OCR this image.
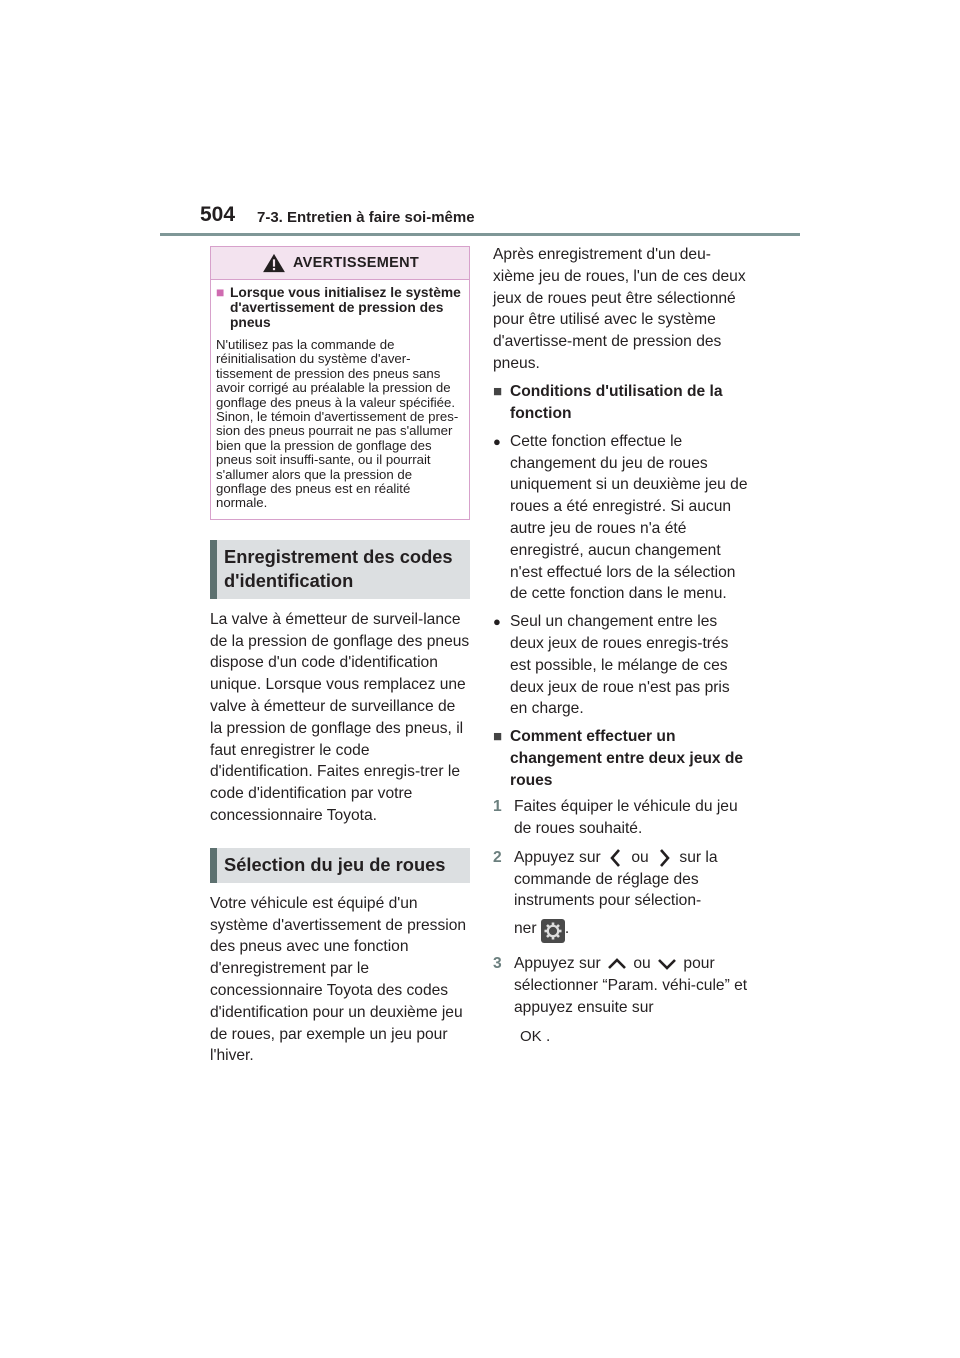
504 7-3. Entretien à faire soi-même
AVERTISSEMENT
■ Lorsque vous initialisez le système d'avertissement de pression des pneus
N'utilisez pas la commande de réinitialisation du système d'aver-tissement de pression des pneus sans avoir corrigé au préalable la pression de gonflage des pneus à la valeur spécifiée. Sinon, le témoin d'avertissement de pres-sion des pneus pourrait ne pas s'allumer bien que la pression de gonflage des pneus soit insuffi-sante, ou il pourrait s'allumer alors que la pression de gonflage des pneus est en réalité normale.
Enregistrement des codes d'identification
La valve à émetteur de surveil-lance de la pression de gonflage des pneus dispose d'un code d'identification unique. Lorsque vous remplacez une valve à émetteur de surveillance de la pression de gonflage des pneus, il faut enregistrer le code d'identification. Faites enregis-trer le code d'identification par votre concessionnaire Toyota.
Sélection du jeu de roues
Votre véhicule est équipé d'un système d'avertissement de pression des pneus avec une fonction d'enregistrement par le concessionnaire Toyota des codes d'identification pour un deuxième jeu de roues, par exemple un jeu pour l'hiver.
Après enregistrement d'un deu-xième jeu de roues, l'un de ces deux jeux de roues peut être sélectionné pour être utilisé avec le système d'avertisse-ment de pression des pneus.
■ Conditions d'utilisation de la fonction
● Cette fonction effectue le changement du jeu de roues uniquement si un deuxième jeu de roues a été enregistré. Si aucun autre jeu de roues n'a été enregistré, aucun changement n'est effectué lors de la sélection de cette fonction dans le menu.
● Seul un changement entre les deux jeux de roues enregis-trés est possible, le mélange de ces deux jeux de roue n'est pas pris en charge.
■ Comment effectuer un changement entre deux jeux de roues
1 Faites équiper le véhicule du jeu de roues souhaité.
2 Appuyez sur ou sur la commande de réglage des instruments pour sélection-
ner .
3 Appuyez sur ou pour sélectionner “Param. véhi-cule” et appuyez ensuite sur
OK .
